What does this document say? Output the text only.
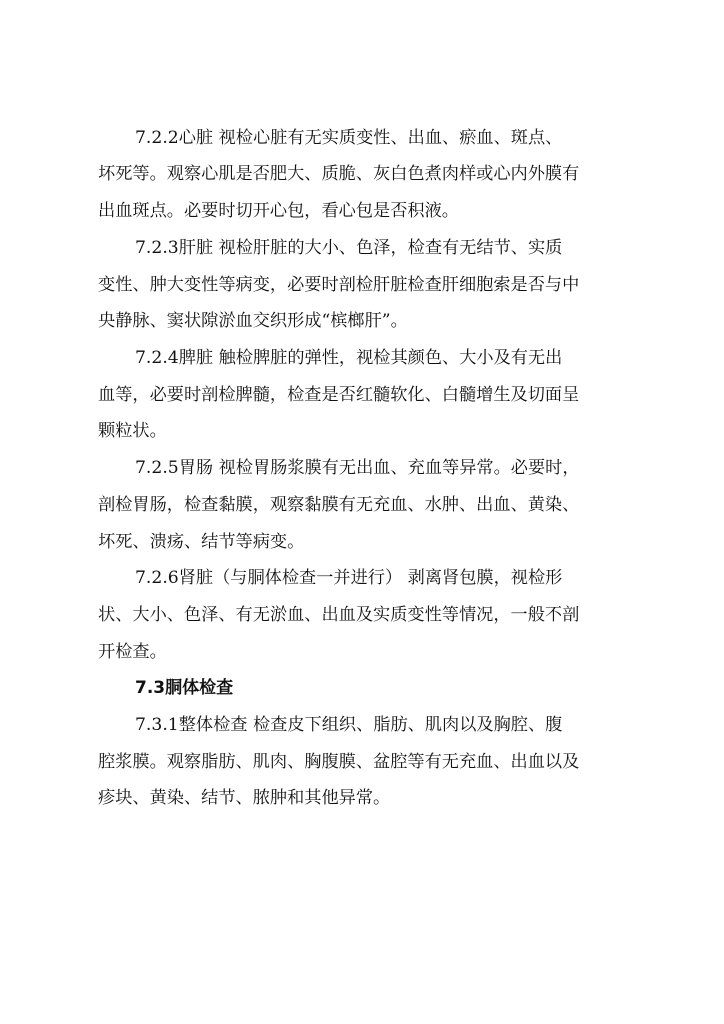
7.2.2心脏 视检心脏有无实质变性、出血、瘀血、斑点、
坏死等。观察心肌是否肥大、质脆、灰白色煮肉样或心内外膜有
出血斑点。必要时切开心包，看心包是否积液。
7.2.3肝脏 视检肝脏的大小、色泽，检查有无结节、实质
变性、肿大变性等病变，必要时剖检肝脏检查肝细胞索是否与中
央静脉、窦状隙淤血交织形成“槟榔肝”。
7.2.4脾脏 触检脾脏的弹性，视检其颜色、大小及有无出
血等，必要时剖检脾髓，检查是否红髓软化、白髓增生及切面呈
颗粒状。
7.2.5胃肠 视检胃肠浆膜有无出血、充血等异常。必要时，
剖检胃肠，检查黏膜，观察黏膜有无充血、水肿、出血、黄染、
坏死、溃疡、结节等病变。
7.2.6肾脏（与胴体检查一并进行） 剥离肾包膜，视检形
状、大小、色泽、有无淤血、出血及实质变性等情况，一般不剖
开检查。
7.3胴体检查
7.3.1整体检查 检查皮下组织、脂肪、肌肉以及胸腔、腹
腔浆膜。观察脂肪、肌肉、胸腹膜、盆腔等有无充血、出血以及
疹块、黄染、结节、脓肿和其他异常。
